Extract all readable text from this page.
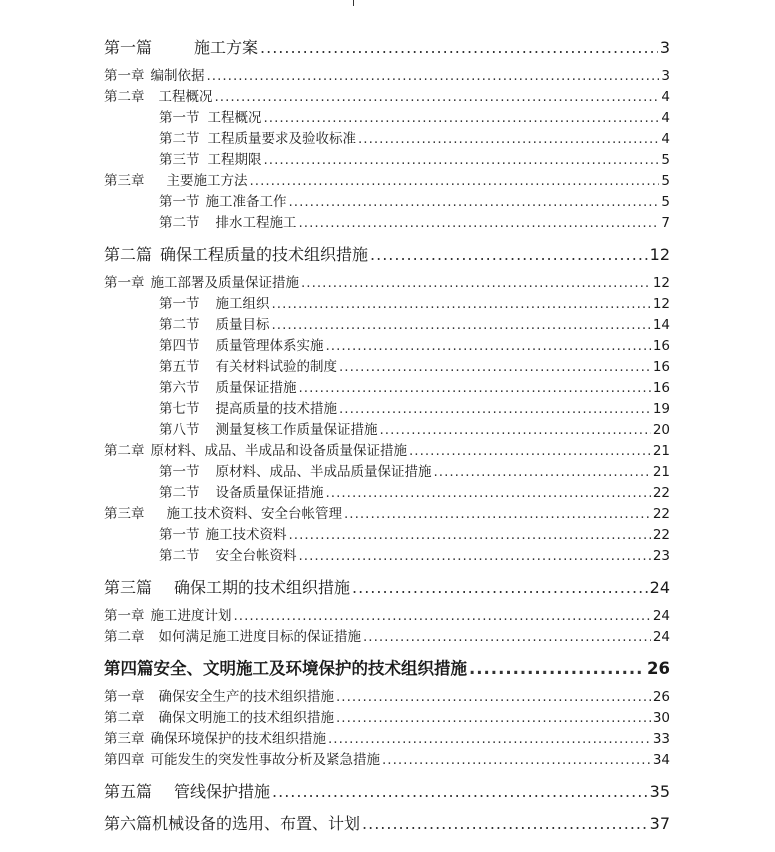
第一篇	施工方案 .....	3
第一章 编制依据 .....	3
第二章 工程概况 .....	4
第一节 工程概况 .....	4
第二节 工程质量要求及验收标准 .....	4
第三节 工程期限 .....	5
第三章 主要施工方法 .....	5
第一节 施工准备工作 .....	5
第二节 排水工程施工 .....	7
第二篇 确保工程质量的技术组织措施 .....	12
第一章 施工部署及质量保证措施 .....	12
第一节 施工组织 .....	12
第二节 质量目标 .....	14
第四节 质量管理体系实施 .....	16
第五节 有关材料试验的制度 .....	16
第六节 质量保证措施 .....	16
第七节 提高质量的技术措施 .....	19
第八节 测量复核工作质量保证措施 .....	20
第二章 原材料、成品、半成品和设备质量保证措施 .....	21
第一节 原材料、成品、半成品质量保证措施 .....	21
第二节 设备质量保证措施 .....	22
第三章 施工技术资料、安全台帐管理 .....	22
第一节 施工技术资料 .....	22
第二节 安全台帐资料 .....	23
第三篇 确保工期的技术组织措施 .....	24
第一章 施工进度计划 .....	24
第二章 如何满足施工进度目标的保证措施 .....	24
第四篇安全、文明施工及环境保护的技术组织措施 .....	26
第一章 确保安全生产的技术组织措施 .....	26
第二章 确保文明施工的技术组织措施 .....	30
第三章 确保环境保护的技术组织措施 .....	33
第四章 可能发生的突发性事故分析及紧急措施 .....	34
第五篇 管线保护措施 .....	35
第六篇机械设备的选用、布置、计划 .....	37
